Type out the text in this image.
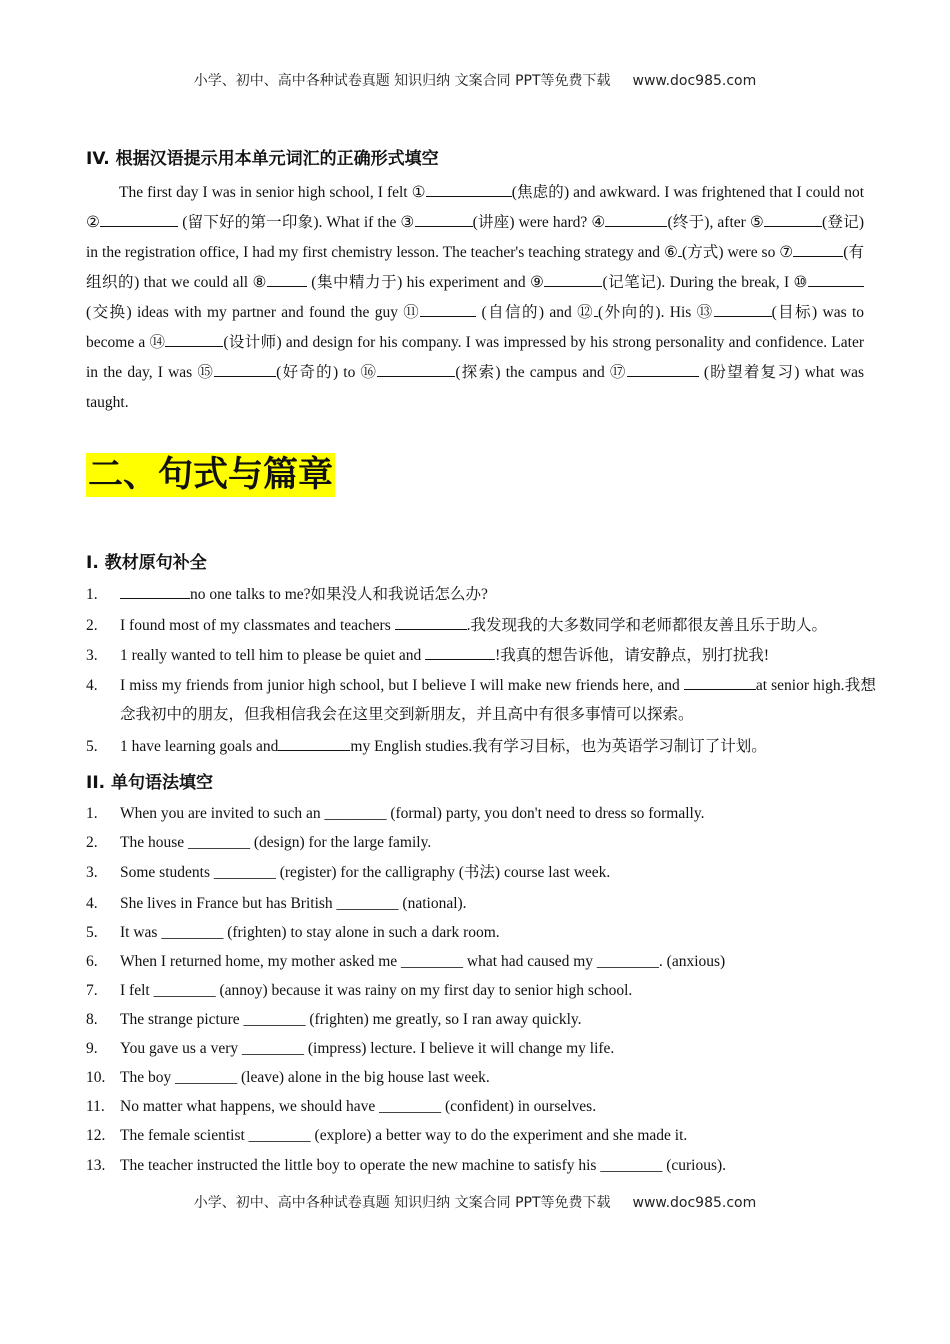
小学、初中、高中各种试卷真题 知识归纳 文案合同 PPT等免费下载 www.doc985.com
IV. 根据汉语提示用本单元词汇的正确形式填空

The first day I was in senior high school, I felt ①	(焦虑的) and awkward. I was frightened that I could not ②	(留下好的第一印象). What if the ③	(讲座) were hard? ④	(终于), after ⑤	(登记) in the registration office, I had my first chemistry lesson. The teacher's teaching strategy and ⑥ (方式) were so ⑦	(有组织的) that we could all ⑧	(集中精力于) his experiment and ⑨	(记笔记). During the break, I ⑩(交换) ideas with my partner and found the guy ⑪	(自信的) and ⑫ (外向的). His ⑬	(目标) was to become a ⑭	(设计师) and design for his company. I was impressed by his strong personality and confidence. Later in the day, I was ⑮	(好奇的) to ⑯	(探索) the campus and ⑰	(盼望着复习) what was taught.

二、句式与篇章
I. 教材原句补全
1.	no one talks to me?如果没人和我说话怎么办?
2. I found most of my classmates and teachers	.我发现我的大多数同学和老师都很友善且乐于助人。
3. 1 really wanted to tell him to please be quiet and	!我真的想告诉他，请安静点，别打扰我!
4. I miss my friends from junior high school, but I believe I will make new friends here, and	at senior high.我想念我初中的朋友，但我相信我会在这里交到新朋友，并且高中有很多事情可以探索。
5. 1 have learning goals and	my English studies.我有学习目标，也为英语学习制订了计划。
II. 单句语法填空
1. When you are invited to such an ________ (formal) party, you don't need to dress so formally.
2. The house ________ (design) for the large family.
3. Some students ________ (register) for the calligraphy (书法) course last week.
4. She lives in France but has British ________ (national).
5. It was ________ (frighten) to stay alone in such a dark room.
6. When I returned home, my mother asked me ________ what had caused my ________. (anxious)
7. I felt ________ (annoy) because it was rainy on my first day to senior high school.
8. The strange picture ________ (frighten) me greatly, so I ran away quickly.
9. You gave us a very ________ (impress) lecture. I believe it will change my life.
10. The boy ________ (leave) alone in the big house last week.
11. No matter what happens, we should have ________ (confident) in ourselves.
12. The female scientist ________ (explore) a better way to do the experiment and she made it.
13. The teacher instructed the little boy to operate the new machine to satisfy his ________ (curious).
小学、初中、高中各种试卷真题 知识归纳 文案合同 PPT等免费下载 www.doc985.com
